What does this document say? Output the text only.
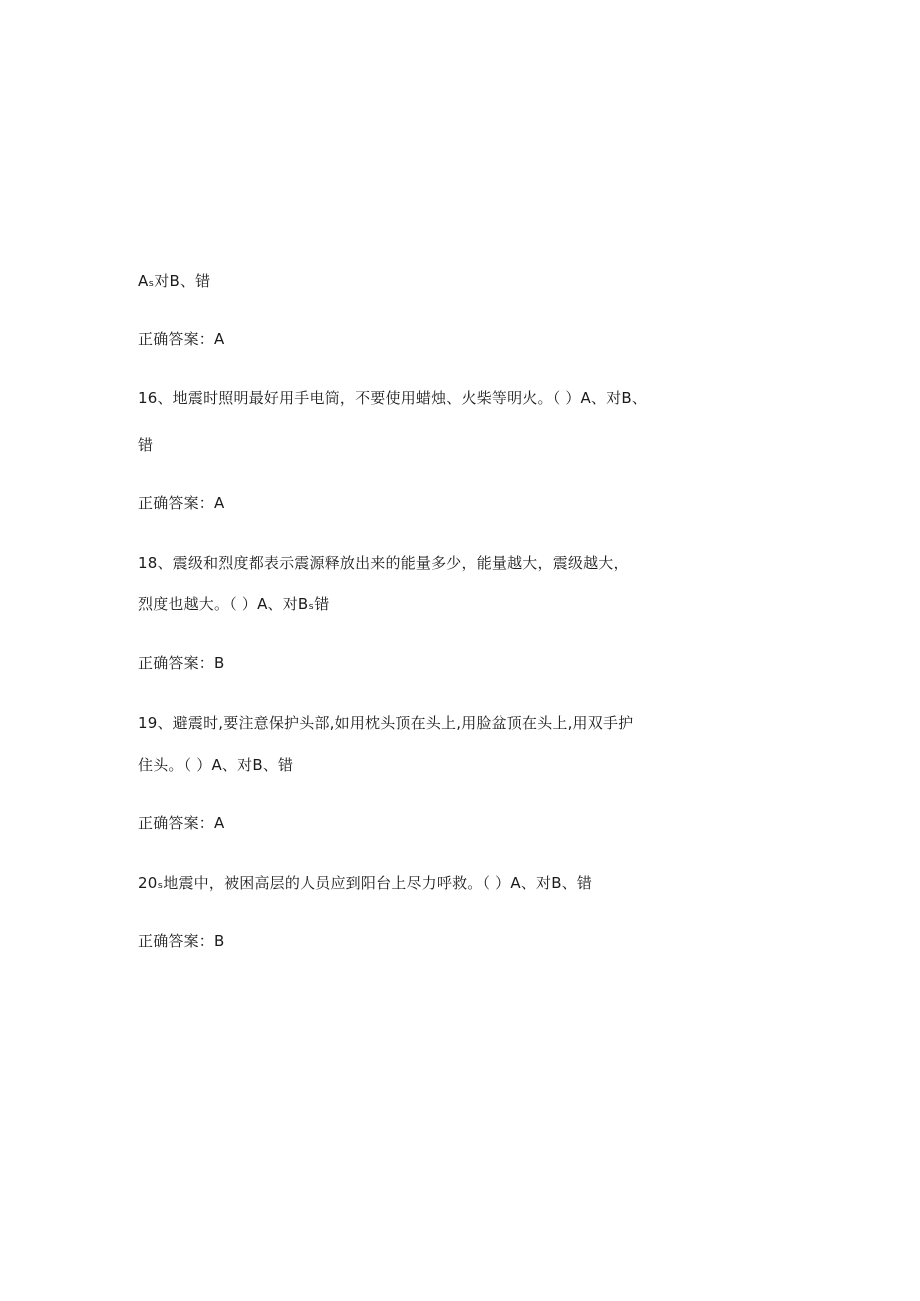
Aₛ对B、错
正确答案：A
16、地震时照明最好用手电筒，不要使用蜡烛、火柴等明火。（ ）A、对B、
错
正确答案：A
18、震级和烈度都表示震源释放出来的能量多少，能量越大，震级越大，
烈度也越大。（ ）A、对Bₛ错
正确答案：B
19、避震时,要注意保护头部,如用枕头顶在头上,用脸盆顶在头上,用双手护
住头。（ ）A、对B、错
正确答案：A
20ₛ地震中，被困高层的人员应到阳台上尽力呼救。（ ）A、对B、错
正确答案：B
